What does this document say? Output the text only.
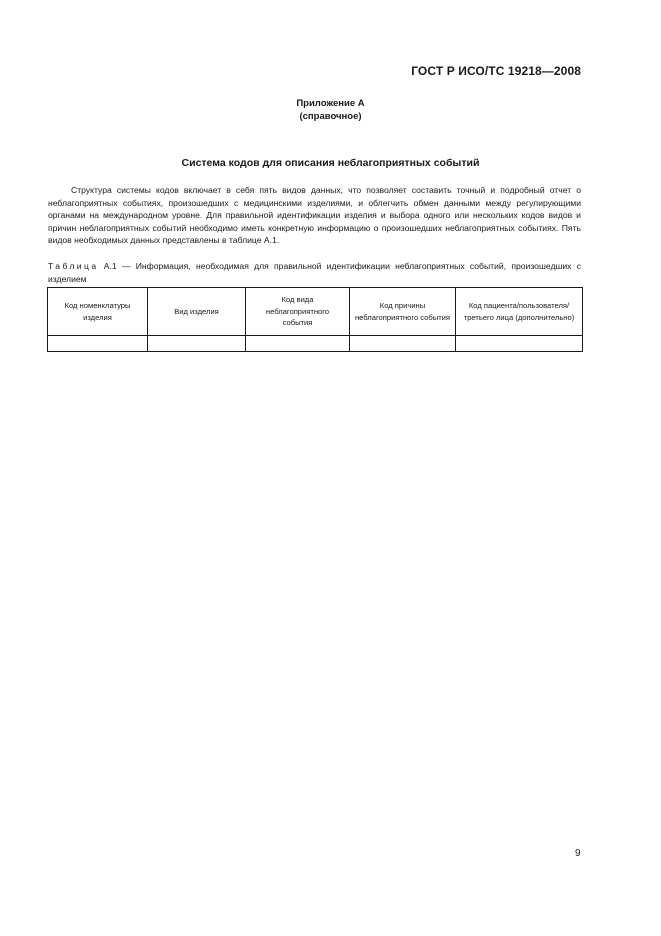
ГОСТ Р ИСО/ТС 19218—2008
Приложение А
(справочное)
Система кодов для описания неблагоприятных событий
Структура системы кодов включает в себя пять видов данных, что позволяет составить точный и подробный отчет о неблагоприятных событиях, произошедших с медицинскими изделиями, и облегчить обмен данными между регулирующими органами на международном уровне. Для правильной идентификации изделия и выбора одного или нескольких кодов видов и причин неблагоприятных событий необходимо иметь конкретную информацию о произошедших неблагоприятных событиях. Пять видов необходимых данных представлены в таблице А.1.
Таблица А.1 — Информация, необходимая для правильной идентификации неблагоприятных событий, произошедших с изделием
Код номенклатуры изделия	Вид изделия	Код вида неблагоприятного события	Код причины неблагоприятного события	Код пациента/пользователя/ третьего лица (дополнительно)

9
